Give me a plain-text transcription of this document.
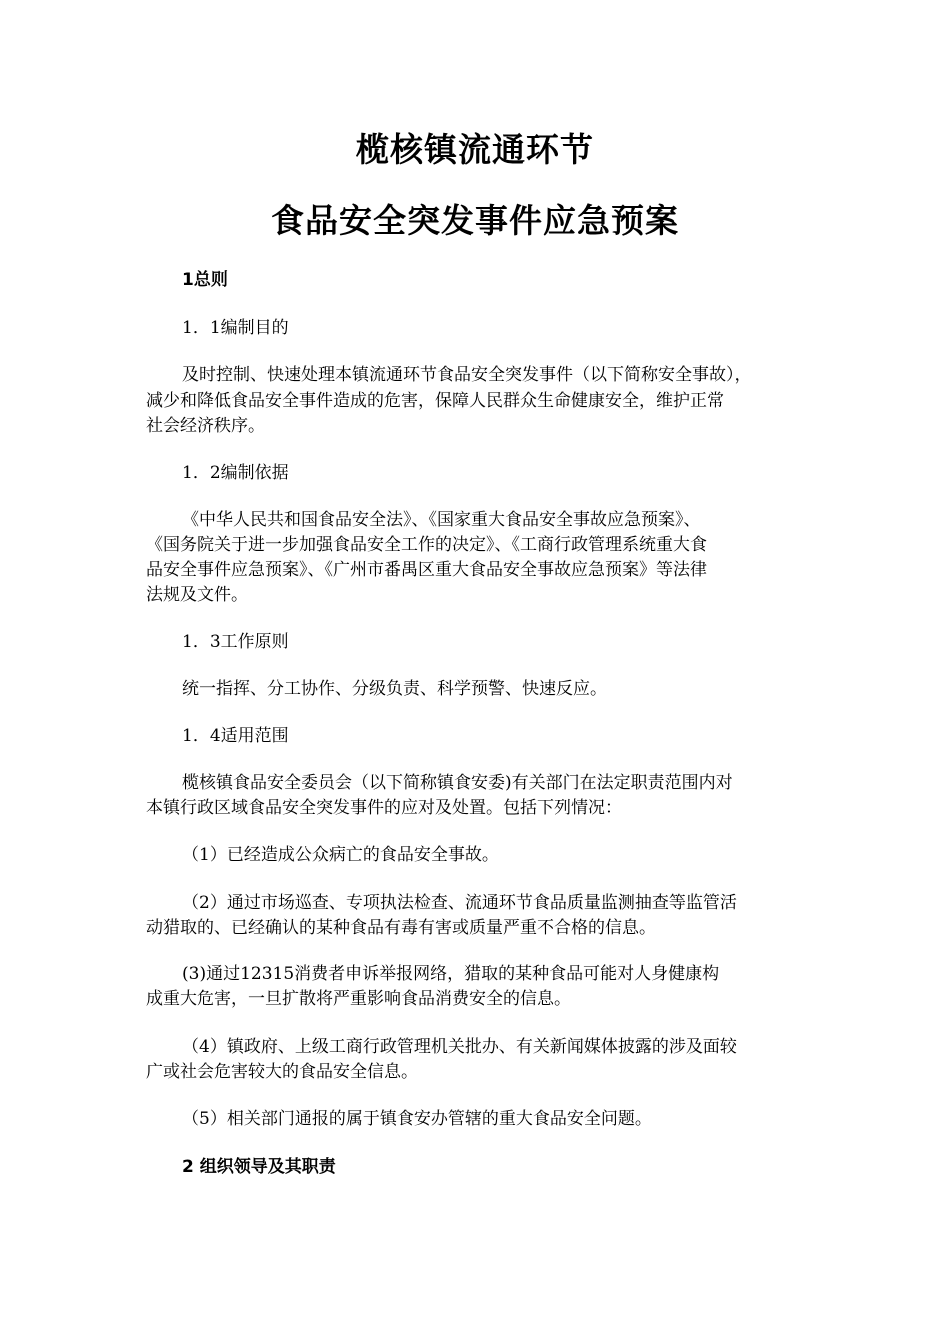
榄核镇流通环节
食品安全突发事件应急预案
1总则
1．1编制目的
及时控制、快速处理本镇流通环节食品安全突发事件（以下简称安全事故），
减少和降低食品安全事件造成的危害，保障人民群众生命健康安全，维护正常
社会经济秩序。
1．2编制依据
《中华人民共和国食品安全法》、《国家重大食品安全事故应急预案》、
《国务院关于进一步加强食品安全工作的决定》、《工商行政管理系统重大食
品安全事件应急预案》、《广州市番禺区重大食品安全事故应急预案》等法律
法规及文件。
1．3工作原则
统一指挥、分工协作、分级负责、科学预警、快速反应。
1．4适用范围
榄核镇食品安全委员会（以下简称镇食安委)有关部门在法定职责范围内对
本镇行政区域食品安全突发事件的应对及处置。包括下列情况：
（1）已经造成公众病亡的食品安全事故。
（2）通过市场巡查、专项执法检查、流通环节食品质量监测抽查等监管活
动猎取的、已经确认的某种食品有毒有害或质量严重不合格的信息。
(3)通过12315消费者申诉举报网络，猎取的某种食品可能对人身健康构
成重大危害，一旦扩散将严重影响食品消费安全的信息。
（4）镇政府、上级工商行政管理机关批办、有关新闻媒体披露的涉及面较
广或社会危害较大的食品安全信息。
（5）相关部门通报的属于镇食安办管辖的重大食品安全问题。
2 组织领导及其职责
